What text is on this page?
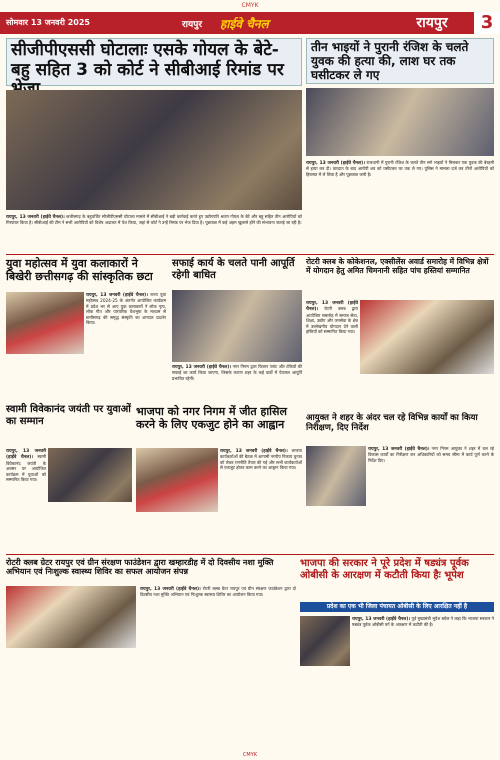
CMYK
सोमवार 13 जनवरी 2025	रायपुर हाईवे चैनल	रायपुर	3
सीजीपीएससी घोटालाः एसके गोयल के बेटे-बहु सहित 3 को कोर्ट ने सीबीआई रिमांड पर
रायपुर, 13 जनवरी (हाईवे चैनल)। छत्तीसगढ़ के बहुचर्चित सीजीपीएससी घोटाला मामले में सीबीआई ने बड़ी कार्रवाई करते हुए उद्योगपति श्रवण गोयल के बेटे और बहू सहित तीन आरोपियों को गिरफ्तार किया है। सीबीआई की टीम ने सभी आरोपियों को विशेष अदालत में पेश किया, जहां से कोर्ट ने उन्हें रिमांड पर भेज दिया है। पूछताछ में कई अहम खुलासे होने की संभावना जताई जा रही है।
तीन भाइयों ने पुरानी रंजिश के चलते युवक की हत्या की, लाश घर तक घसीटकर ले गए
रायपुर, 13 जनवरी (हाईवे चैनल)। राजधानी में पुरानी रंजिश के चलते तीन सगे भाइयों ने मिलकर एक युवक की बेरहमी से हत्या कर दी। वारदात के बाद आरोपी शव को घसीटकर घर तक ले गए। पुलिस ने मामला दर्ज कर तीनों आरोपियों को हिरासत में ले लिया है और पूछताछ जारी है।
युवा महोत्सव में युवा कलाकारों ने बिखेरी छत्तीसगढ़ की सांस्कृतिक छटा
रायपुर, 13 जनवरी (हाईवे चैनल)। राज्य युवा महोत्सव 2024-25 के अंतर्गत आयोजित कार्यक्रम में प्रदेश भर से आए युवा कलाकारों ने लोक नृत्य, लोक गीत और पारंपरिक वेशभूषा के माध्यम से छत्तीसगढ़ की समृद्ध संस्कृति का शानदार प्रदर्शन किया।
सफाई कार्य के चलते पानी आपूर्ति रहेगी बाधित
रायपुर, 13 जनवरी (हाईवे चैनल)। नगर निगम द्वारा फिल्टर प्लांट और टंकियों की सफाई का कार्य किया जाएगा, जिसके कारण शहर के कई वार्डों में पेयजल आपूर्ति प्रभावित रहेगी।
रोटरी क्लब के कोकेशनल, एक्सीलेंस अवार्ड समारोह में विभिन्न क्षेत्रों में योगदान हेतु अमित चिमनानी सहित पांच हस्तियां सम्मानित
रायपुर, 13 जनवरी (हाईवे चैनल)। रोटरी क्लब द्वारा आयोजित समारोह में समाज सेवा, शिक्षा, उद्योग और जनसेवा के क्षेत्र में उल्लेखनीय योगदान देने वाली हस्तियों को सम्मानित किया गया।
स्वामी विवेकानंद जयंती पर युवाओं का सम्मान
रायपुर, 13 जनवरी (हाईवे चैनल)। स्वामी विवेकानंद जयंती के अवसर पर आयोजित कार्यक्रम में युवाओं को सम्मानित किया गया।
भाजपा को नगर निगम में जीत हासिल करने के लिए एकजुट होने का आह्वान
रायपुर, 13 जनवरी (हाईवे चैनल)। भाजपा कार्यकर्ताओं की बैठक में आगामी नगरीय निकाय चुनाव को लेकर रणनीति तैयार की गई और सभी कार्यकर्ताओं से एकजुट होकर काम करने का आह्वान किया गया।
आयुक्त ने शहर के अंदर चल रहे विभिन्न कार्यों का किया निरीक्षण, दिए निर्देश
रायपुर, 13 जनवरी (हाईवे चैनल)। नगर निगम आयुक्त ने शहर में चल रहे विकास कार्यों का निरीक्षण कर अधिकारियों को समय सीमा में कार्य पूर्ण करने के निर्देश दिए।
रोटरी क्लब ग्रेटर रायपुर एवं ग्रीन संरक्षण फाउंडेशन द्वारा खम्हारडीह में दो दिवसीय नशा मुक्ति अभियान एवं निःशुल्क स्वास्थ्य शिविर का सफल आयोजन संपन्न
रायपुर, 13 जनवरी (हाईवे चैनल)। रोटरी क्लब ग्रेटर रायपुर एवं ग्रीन संरक्षण फाउंडेशन द्वारा दो दिवसीय नशा मुक्ति अभियान एवं निःशुल्क स्वास्थ्य शिविर का आयोजन किया गया।
भाजपा की सरकार ने पूरे प्रदेश में षड्यंत्र पूर्वक ओबीसी के आरक्षण में कटौती किया हैः भूपेश
प्रदेश का एक भी जिला पंचायत ओबीसी के लिए आरक्षित नहीं है
रायपुर, 13 जनवरी (हाईवे चैनल)। पूर्व मुख्यमंत्री भूपेश बघेल ने कहा कि भाजपा सरकार ने षड्यंत्र पूर्वक ओबीसी वर्ग के आरक्षण में कटौती की है।
CMYK
